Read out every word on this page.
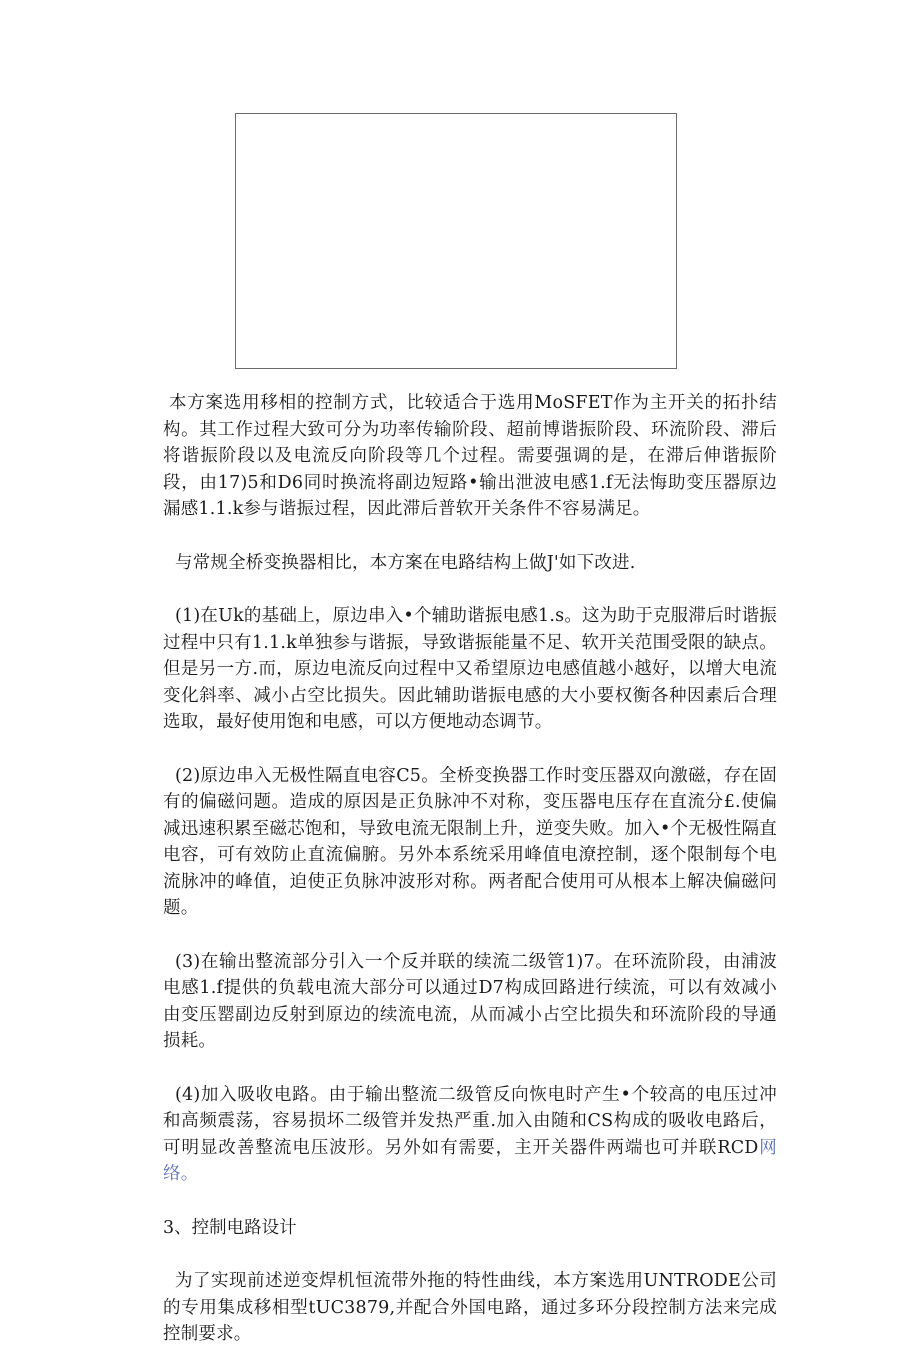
本方案选用移相的控制方式，比较适合于选用MoSFET作为主开关的拓扑结构。其工作过程大致可分为功率传输阶段、超前博谐振阶段、环流阶段、滞后将谐振阶段以及电流反向阶段等几个过程。需要强调的是，在滞后伸谐振阶段，由17)5和D6同时换流将副边短路•输出泄波电感1.f无法悔助变压器原边漏感1.1.k参与谐振过程，因此滞后普软开关条件不容易满足。

与常规全桥变换器相比，本方案在电路结构上做J'如下改进.

(1)在Uk的基础上，原边串入•个辅助谐振电感1.s。这为助于克服滞后时谐振过程中只有1.1.k单独参与谐振，导致谐振能量不足、软开关范围受限的缺点。但是另一方.而，原边电流反向过程中又希望原边电感值越小越好，以增大电流变化斜率、减小占空比损失。因此辅助谐振电感的大小要权衡各种因素后合理选取，最好使用饱和电感，可以方便地动态调节。

(2)原边串入无极性隔直电容C5。全桥变换器工作时变压器双向激磁，存在固有的偏磁问题。造成的原因是正负脉冲不对称，变压器电压存在直流分£.使偏减迅速积累至磁芯饱和，导致电流无限制上升，逆变失败。加入•个无极性隔直电容，可有效防止直流偏腑。另外本系统采用峰值电潦控制，逐个限制每个电流脉冲的峰值，迫使正负脉冲波形对称。两者配合使用可从根本上解决偏磁问题。

(3)在输出整流部分引入一个反并联的续流二级管1)7。在环流阶段，由浦波电感1.f提供的负载电流大部分可以通过D7构成回路进行续流，可以有效减小由变压罂副边反射到原边的续流电流，从而减小占空比损失和环流阶段的导通损耗。

(4)加入吸收电路。由于输出整流二级管反向恢电时产生•个较高的电压过冲和高频震荡，容易损坏二级管并发热严重.加入由随和CS构成的吸收电路后，可明显改善整流电压波形。另外如有需要，主开关器件两端也可并联RCD网络。

3、控制电路设计

为了实现前述逆变焊机恒流带外拖的特性曲线，本方案选用UNTRODE公司的专用集成移相型tUC3879,并配合外国电路，通过多环分段控制方法来完成控制要求。
